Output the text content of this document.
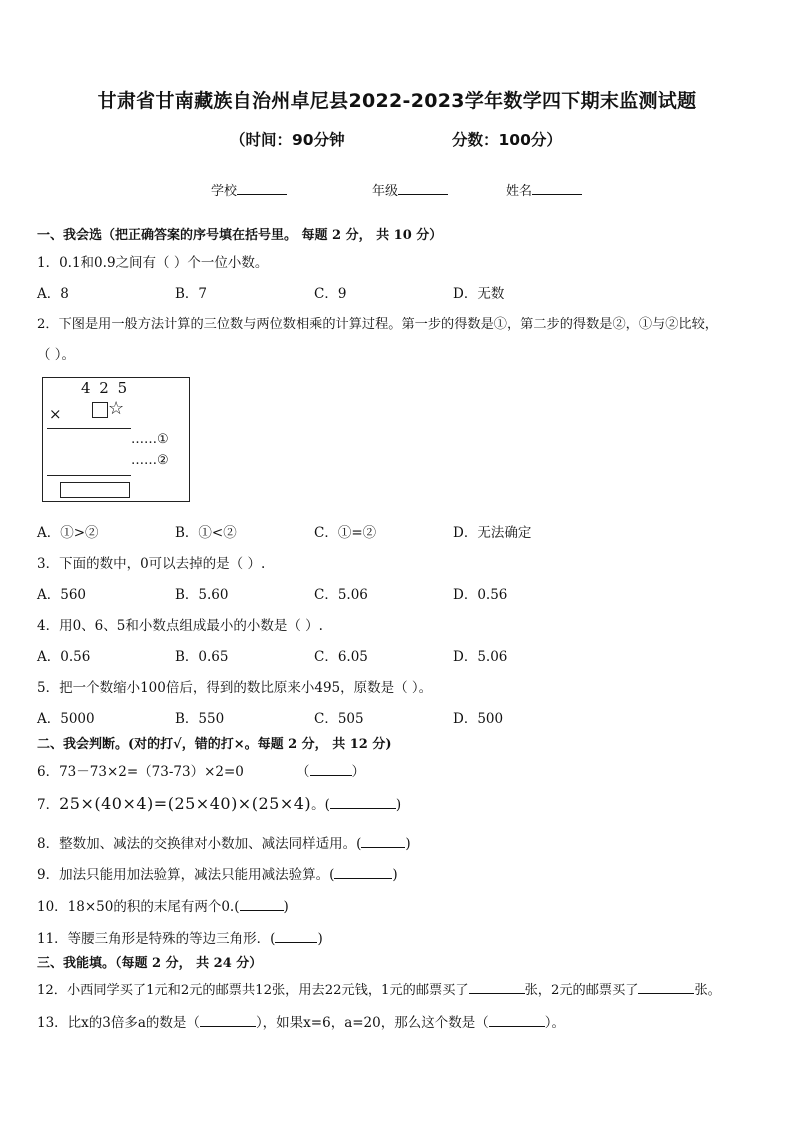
甘肃省甘南藏族自治州卓尼县2022-2023学年数学四下期末监测试题
（时间：90分钟	分数：100分）
学校	年级	姓名
一、我会选（把正确答案的序号填在括号里。 每题 2 分， 共 10 分）
1．0.1和0.9之间有（ ）个一位小数。
A．8	B．7	C．9	D．无数
2．下图是用一般方法计算的三位数与两位数相乘的计算过程。第一步的得数是①，第二步的得数是②，①与②比较，
（ ）。
4 2 5
×	☆
……①
……②
A．①>②	B．①<②	C．①=②	D．无法确定
3．下面的数中，0可以去掉的是（ ）.
A．560	B．5.60	C．5.06	D．0.56
4．用0、6、5和小数点组成最小的小数是（ ）.
A．0.56	B．0.65	C．6.05	D．5.06
5．把一个数缩小100倍后，得到的数比原来小495，原数是（ ）。
A．5000	B．550	C．505	D．500
二、我会判断。(对的打√，错的打×。每题 2 分， 共 12 分)
6．73－73×2=（73-73）×2=0	（	）
7．25×(40×4)=(25×40)×(25×4)。(	)
8．整数加、减法的交换律对小数加、减法同样适用。(	)
9．加法只能用加法验算，减法只能用减法验算。(	)
10．18×50的积的末尾有两个0.(	)
11．等腰三角形是特殊的等边三角形．(	)
三、我能填。（每题 2 分， 共 24 分）
12．小西同学买了1元和2元的邮票共12张，用去22元钱，1元的邮票买了	张，2元的邮票买了	张。
13．比x的3倍多a的数是（	），如果x=6，a=20，那么这个数是（	）。
